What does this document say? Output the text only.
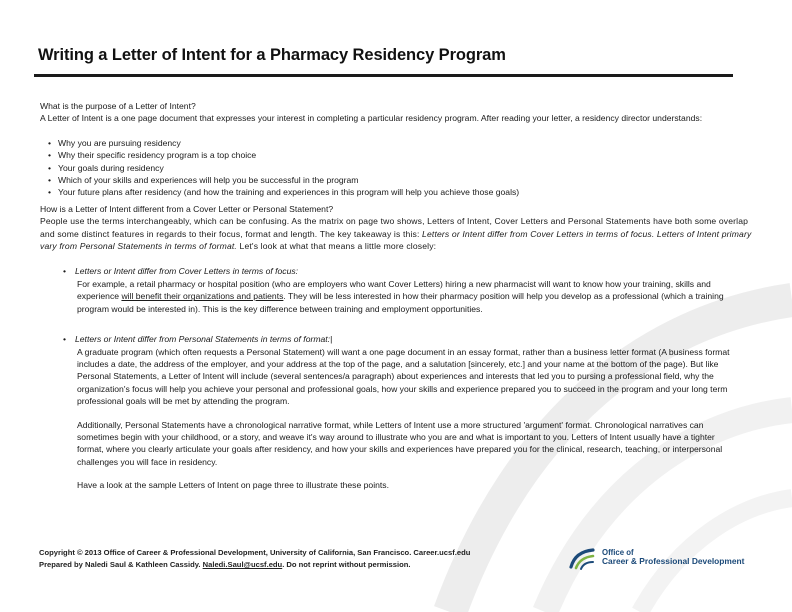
Writing a Letter of Intent for a Pharmacy Residency Program

What is the purpose of a Letter of Intent?

A Letter of Intent is a one page document that expresses your interest in completing a particular residency program. After reading your letter, a residency director understands:

• Why you are pursuing residency
• Why their specific residency program is a top choice
• Your goals during residency
• Which of your skills and experiences will help you be successful in the program
• Your future plans after residency (and how the training and experiences in this program will help you achieve those goals)

How is a Letter of Intent different from a Cover Letter or Personal Statement?

People use the terms interchangeably, which can be confusing. As the matrix on page two shows, Letters of Intent, Cover Letters and Personal Statements have both some overlap and some distinct features in regards to their focus, format and length. The key takeaway is this: Letters or Intent differ from Cover Letters in terms of focus. Letters of Intent primary vary from Personal Statements in terms of format. Let's look at what that means a little more closely:

•	Letters or Intent differ from Cover Letters in terms of focus:

For example, a retail pharmacy or hospital position (who are employers who want Cover Letters) hiring a new pharmacist will want to know how your training, skills and experience will benefit their organizations and patients. They will be less interested in how their pharmacy position will help you develop as a professional (which a training program would be interested in). This is the key difference between training and employment opportunities.

•	Letters or Intent differ from Personal Statements in terms of format:|

A graduate program (which often requests a Personal Statement) will want a one page document in an essay format, rather than a business letter format (A business format includes a date, the address of the employer, and your address at the top of the page, and a salutation [sincerely, etc.] and your name at the bottom of the page). But like Personal Statements, a Letter of Intent will include (several sentences/a paragraph) about experiences and interests that led you to pursing a professional field, why the organization's focus will help you achieve your personal and professional goals, how your skills and experience prepared you to succeed in the program and your long term professional goals will be met by attending the program.

Additionally, Personal Statements have a chronological narrative format, while Letters of Intent use a more structured 'argument' format. Chronological narratives can sometimes begin with your childhood, or a story, and weave it's way around to illustrate who you are and what is important to you. Letters of Intent usually have a tighter format, where you clearly articulate your goals after residency, and how your skills and experiences have prepared you for the clinical, research, teaching, or interpersonal challenges you will face in residency.

Have a look at the sample Letters of Intent on page three to illustrate these points.

Copyright © 2013 Office of Career & Professional Development, University of California, San Francisco. Career.ucsf.edu
Prepared by Naledi Saul & Kathleen Cassidy. Naledi.Saul@ucsf.edu. Do not reprint without permission.
Office of
Career & Professional Development
